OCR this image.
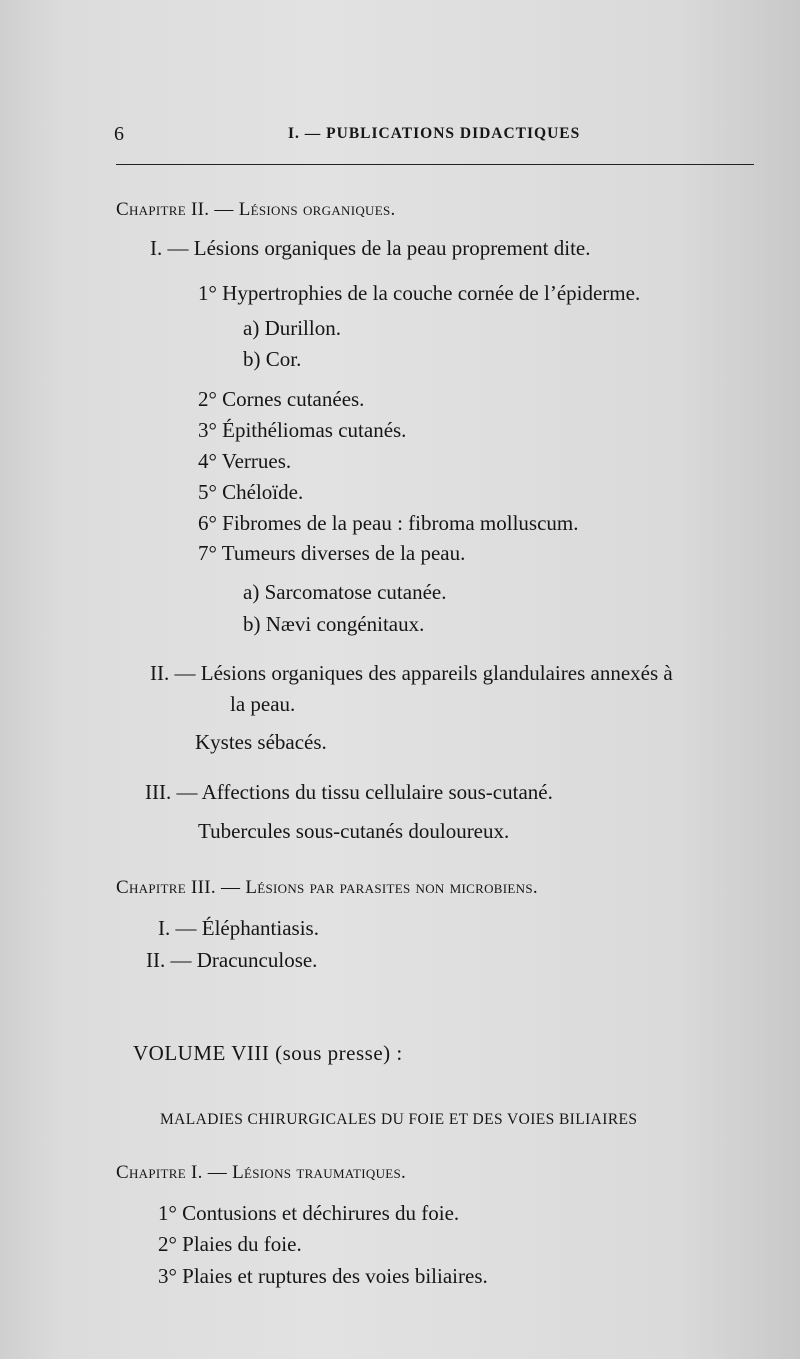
6	I. — PUBLICATIONS DIDACTIQUES
Chapitre II. — Lésions organiques.
I. — Lésions organiques de la peau proprement dite.
1° Hypertrophies de la couche cornée de l’épiderme.
a) Durillon.
b) Cor.
2° Cornes cutanées.
3° Épithéliomas cutanés.
4° Verrues.
5° Chéloïde.
6° Fibromes de la peau : fibroma molluscum.
7° Tumeurs diverses de la peau.
a) Sarcomatose cutanée.
b) Nævi congénitaux.
II. — Lésions organiques des appareils glandulaires annexés à
la peau.
Kystes sébacés.
III. — Affections du tissu cellulaire sous-cutané.
Tubercules sous-cutanés douloureux.
Chapitre III. — Lésions par parasites non microbiens.
I. — Éléphantiasis.
II. — Dracunculose.
VOLUME VIII (sous presse) :
MALADIES CHIRURGICALES DU FOIE ET DES VOIES BILIAIRES
Chapitre I. — Lésions traumatiques.
1° Contusions et déchirures du foie.
2° Plaies du foie.
3° Plaies et ruptures des voies biliaires.
